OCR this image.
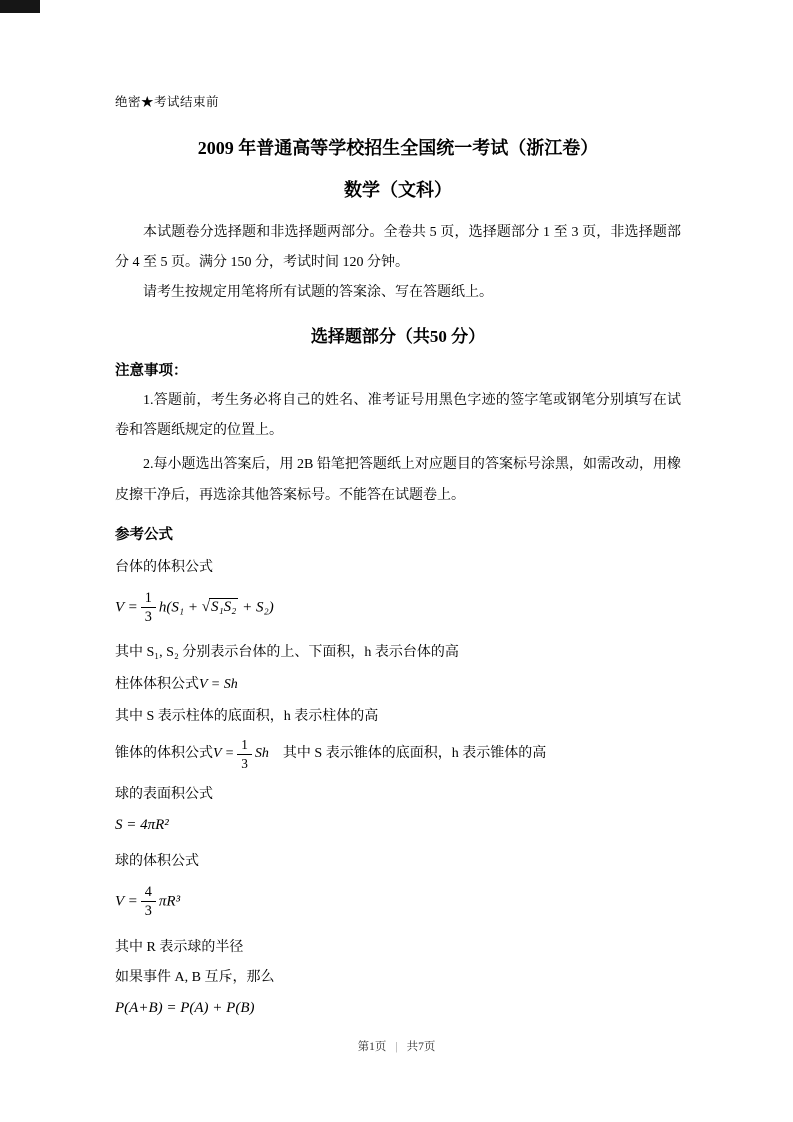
绝密★考试结束前
2009 年普通高等学校招生全国统一考试（浙江卷）
数学（文科）

本试题卷分选择题和非选择题两部分。全卷共 5 页，选择题部分 1 至 3 页，非选择题部分 4 至 5 页。满分 150 分，考试时间 120 分钟。

请考生按规定用笔将所有试题的答案涂、写在答题纸上。

选择题部分（共50 分）
注意事项：

1.答题前，考生务必将自己的姓名、准考证号用黑色字迹的签字笔或钢笔分别填写在试卷和答题纸规定的位置上。

2.每小题选出答案后，用 2B 铅笔把答题纸上对应题目的答案标号涂黑，如需改动，用橡皮擦干净后，再选涂其他答案标号。不能答在试题卷上。

参考公式
台体的体积公式
$V = \frac{1}{3} h(S_1 + √S_1S_2 + S_2)$
其中 S₁, S₂ 分别表示台体的上、下面积，h 表示台体的高
柱体体积公式V = Sh
其中 S 表示柱体的底面积，h 表示柱体的高
锥体的体积公式$V = \frac{1}{3}$ Sh 其中 S 表示锥体的底面积，h 表示锥体的高
球的表面积公式
S = 4πR²
球的体积公式
$V = \frac{4}{3} \pi R^3$
其中 R 表示球的半径
如果事件 A, B 互斥，那么
P(A+B) = P(A) + P(B)
第1页 | 共7页
